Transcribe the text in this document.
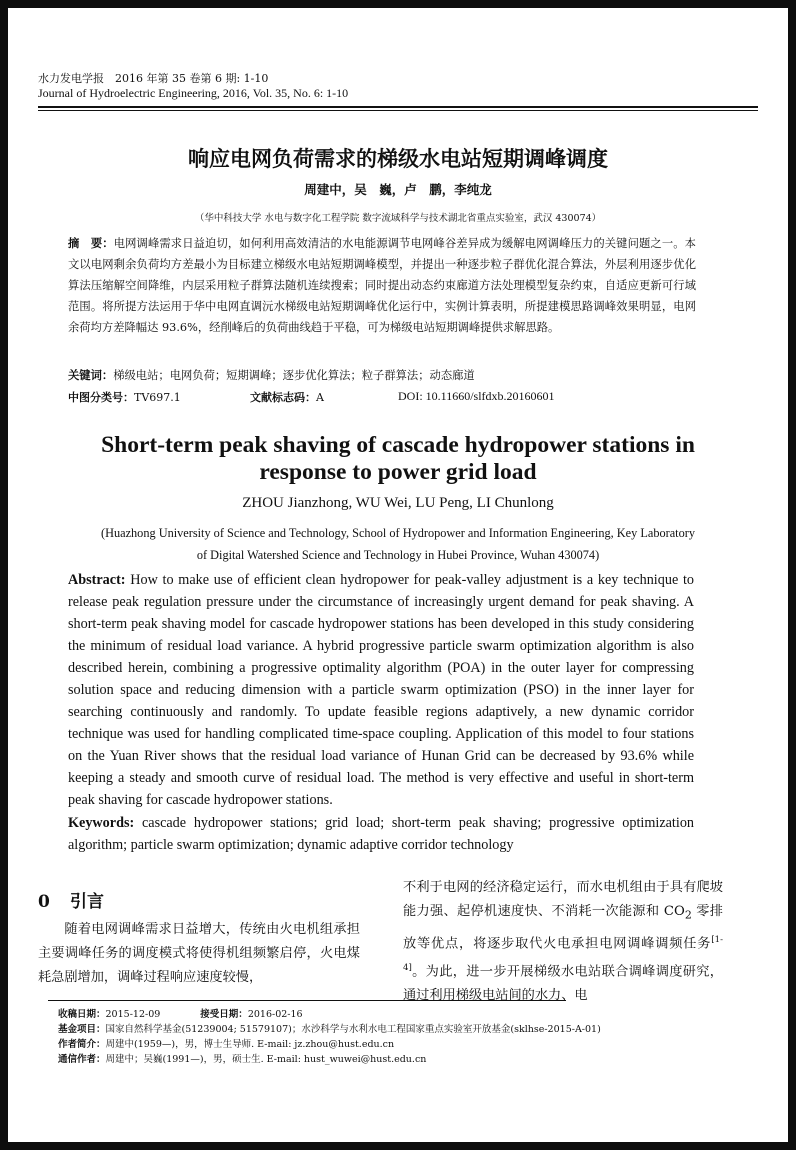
水力发电学报　2016 年第 35 卷第 6 期: 1-10
Journal of Hydroelectric Engineering, 2016, Vol. 35, No. 6: 1-10
响应电网负荷需求的梯级水电站短期调峰调度
周建中，吴　巍，卢　鹏，李纯龙
（华中科技大学 水电与数字化工程学院 数字流域科学与技术湖北省重点实验室，武汉 430074）
摘　要：电网调峰需求日益迫切，如何利用高效清洁的水电能源调节电网峰谷差异成为缓解电网调峰压力的关键问题之一。本文以电网剩余负荷均方差最小为目标建立梯级水电站短期调峰模型，并提出一种逐步粒子群优化混合算法，外层利用逐步优化算法压缩解空间降维，内层采用粒子群算法随机连续搜索；同时提出动态约束廊道方法处理模型复杂约束，自适应更新可行域范围。将所提方法运用于华中电网直调沅水梯级电站短期调峰优化运行中，实例计算表明，所提建模思路调峰效果明显，电网余荷均方差降幅达 93.6%，经削峰后的负荷曲线趋于平稳，可为梯级电站短期调峰提供求解思路。
关键词：梯级电站；电网负荷；短期调峰；逐步优化算法；粒子群算法；动态廊道
中图分类号：TV697.1	文献标志码：A	DOI: 10.11660/slfdxb.20160601
Short-term peak shaving of cascade hydropower stations in
response to power grid load
ZHOU Jianzhong, WU Wei, LU Peng, LI Chunlong
(Huazhong University of Science and Technology, School of Hydropower and Information Engineering, Key Laboratory
of Digital Watershed Science and Technology in Hubei Province, Wuhan 430074)
Abstract: How to make use of efficient clean hydropower for peak-valley adjustment is a key technique to release peak regulation pressure under the circumstance of increasingly urgent demand for peak shaving. A short-term peak shaving model for cascade hydropower stations has been developed in this study considering the minimum of residual load variance. A hybrid progressive particle swarm optimization algorithm is also described herein, combining a progressive optimality algorithm (POA) in the outer layer for compressing solution space and reducing dimension with a particle swarm optimization (PSO) in the inner layer for searching continuously and randomly. To update feasible regions adaptively, a new dynamic corridor technique was used for handling complicated time-space coupling. Application of this model to four stations on the Yuan River shows that the residual load variance of Hunan Grid can be decreased by 93.6% while keeping a steady and smooth curve of residual load. The method is very effective and useful in short-term peak shaving for cascade hydropower stations.
Keywords: cascade hydropower stations; grid load; short-term peak shaving; progressive optimization algorithm; particle swarm optimization; dynamic adaptive corridor technology
0 引言
随着电网调峰需求日益增大，传统由火电机组承担主要调峰任务的调度模式将使得机组频繁启停，火电煤耗急剧增加，调峰过程响应速度较慢，
不利于电网的经济稳定运行，而水电机组由于具有爬坡能力强、起停机速度快、不消耗一次能源和 $CO_2$ 零排放等优点，将逐步取代火电承担电网调峰调频任务[1-4]。为此，进一步开展梯级水电站联合调峰调度研究，通过利用梯级电站间的水力、电
收稿日期：2015-12-09	接受日期：2016-02-16
基金项目：国家自然科学基金(51239004; 51579107)；水沙科学与水利水电工程国家重点实验室开放基金(sklhse-2015-A-01)
作者简介：周建中(1959—)，男，博士生导师. E-mail: jz.zhou@hust.edu.cn
通信作者：周建中；吴巍(1991—)，男，硕士生. E-mail: hust_wuwei@hust.edu.cn
